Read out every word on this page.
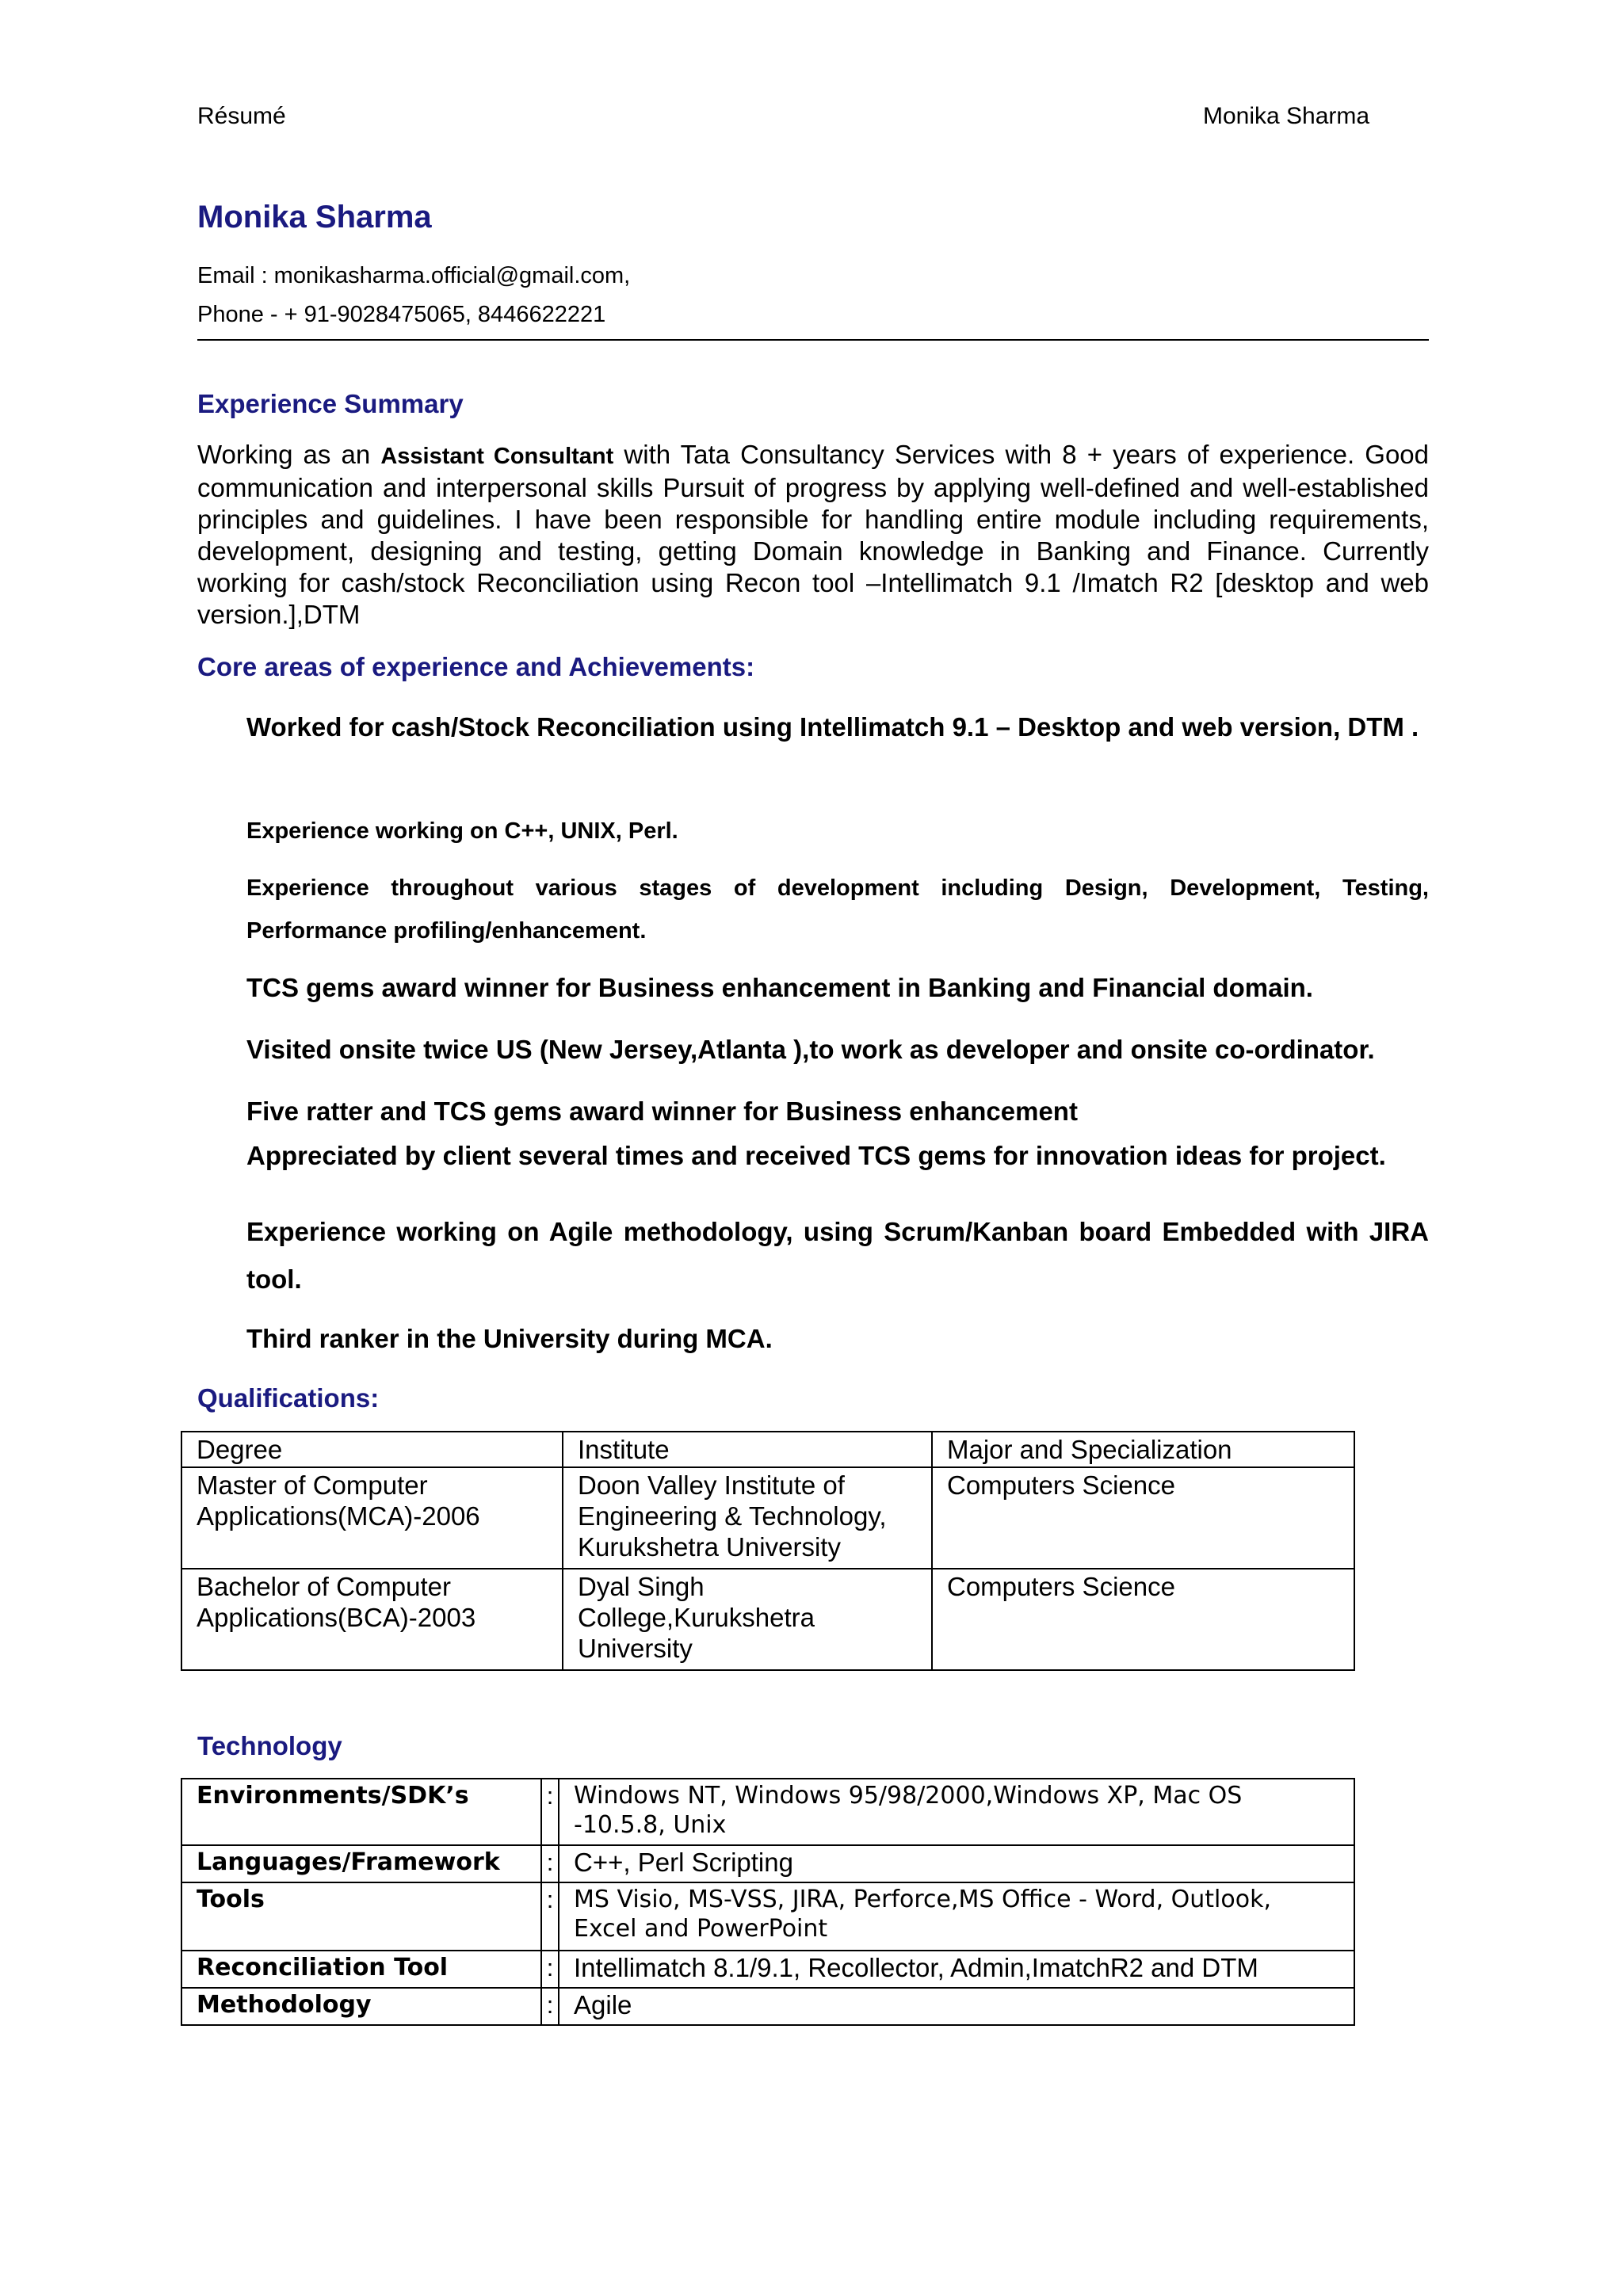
Résumé	Monika Sharma
Monika Sharma
Email : monikasharma.official@gmail.com,
Phone - + 91-9028475065, 8446622221
Experience Summary
Working as an Assistant Consultant with Tata Consultancy Services with 8 + years of experience. Good communication and interpersonal skills Pursuit of progress by applying well-defined and well-established principles and guidelines. I have been responsible for handling entire module including requirements, development, designing and testing, getting Domain knowledge in Banking and Finance. Currently working for cash/stock Reconciliation using Recon tool –Intellimatch 9.1 /Imatch R2 [desktop and web version.],DTM
Core areas of experience and Achievements:
Worked for cash/Stock Reconciliation using Intellimatch 9.1 – Desktop and web version, DTM .
Experience working on C++, UNIX, Perl.
Experience throughout various stages of development including Design, Development, Testing, Performance profiling/enhancement.
TCS gems award winner for Business enhancement in Banking and Financial domain.
Visited onsite twice US (New Jersey,Atlanta ),to work as developer and onsite co-ordinator.
Five ratter and TCS gems award winner for Business enhancement
Appreciated by client several times and received TCS gems for innovation ideas for project.
Experience working on Agile methodology, using Scrum/Kanban board Embedded with JIRA tool.
Third ranker in the University during MCA.
Qualifications:
Degree	Institute	Major and Specialization
Master of Computer Applications(MCA)-2006	Doon Valley Institute of Engineering & Technology, Kurukshetra University	Computers Science
Bachelor of Computer Applications(BCA)-2003	Dyal Singh College,Kurukshetra University	Computers Science
Technology
Environments/SDK’s	:	Windows NT, Windows 95/98/2000,Windows XP, Mac OS -10.5.8, Unix
Languages/Framework	:	C++, Perl Scripting
Tools	:	MS Visio, MS-VSS, JIRA, Perforce,MS Office - Word, Outlook, Excel and PowerPoint
Reconciliation Tool	:	Intellimatch 8.1/9.1, Recollector, Admin,ImatchR2 and DTM
Methodology	:	Agile
